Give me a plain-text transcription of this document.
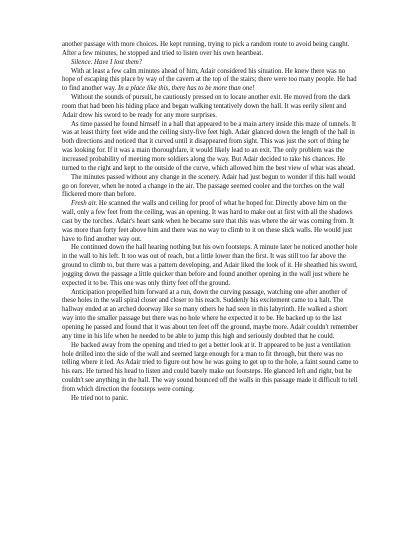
another passage with more choices. He kept running, trying to pick a random route to avoid being caught. After a few minutes, he stopped and tried to listen over his own heartbeat.

Silence. Have I lost them?

With at least a few calm minutes ahead of him, Adair considered his situation. He knew there was no hope of escaping this place by way of the cavern at the top of the stairs; there were too many people. He had to find another way. In a place like this, there has to be more than one!

Without the sounds of pursuit, he cautiously pressed on to locate another exit. He moved from the dark room that had been his hiding place and began walking tentatively down the hall. It was eerily silent and Adair drew his sword to be ready for any more surprises.

As time passed he found himself in a hall that appeared to be a main artery inside this maze of tunnels. It was at least thirty feet wide and the ceiling sixty-five feet high. Adair glanced down the length of the hall in both directions and noticed that it curved until it disappeared from sight. This was just the sort of thing he was looking for. If it was a main thoroughfare, it would likely lead to an exit. The only problem was the increased probability of meeting more soldiers along the way. But Adair decided to take his chances. He turned to the right and kept to the outside of the curve, which allowed him the best view of what was ahead.

The minutes passed without any change in the scenery. Adair had just begun to wonder if this hall would go on forever, when he noted a change in the air. The passage seemed cooler and the torches on the wall flickered more than before.

Fresh air. He scanned the walls and ceiling for proof of what he hoped for. Directly above him on the wall, only a few feet from the ceiling, was an opening. It was hard to make out at first with all the shadows cast by the torches. Adair's heart sank when he became sure that this was where the air was coming from. It was more than forty feet above him and there was no way to climb to it on these slick walls. He would just have to find another way out.

He continued down the hall hearing nothing but his own footsteps. A minute later he noticed another hole in the wall to his left. It too was out of reach, but a little lower than the first. It was still too far above the ground to climb to, but there was a pattern developing, and Adair liked the look of it. He sheathed his sword, jogging down the passage a little quicker than before and found another opening in the wall just where he expected it to be. This one was only thirty feet off the ground.

Anticipation propelled him forward at a run, down the curving passage, watching one after another of these holes in the wall spiral closer and closer to his reach. Suddenly his excitement came to a halt. The hallway ended at an arched doorway like so many others he had seen in this labyrinth. He walked a short way into the smaller passage but there was no hole where he expected it to be. He backed up to the last opening he passed and found that it was about ten feet off the ground, maybe more. Adair couldn't remember any time in his life when he needed to be able to jump this high and seriously doubted that he could.

He backed away from the opening and tried to get a better look at it. It appeared to be just a ventilation hole drilled into the side of the wall and seemed large enough for a man to fit through, but there was no telling where it led. As Adair tried to figure out how he was going to get up to the hole, a faint sound came to his ears. He turned his head to listen and could barely make out footsteps. He glanced left and right, but he couldn't see anything in the hall. The way sound bounced off the walls in this passage made it difficult to tell from which direction the footsteps were coming.

He tried not to panic.
